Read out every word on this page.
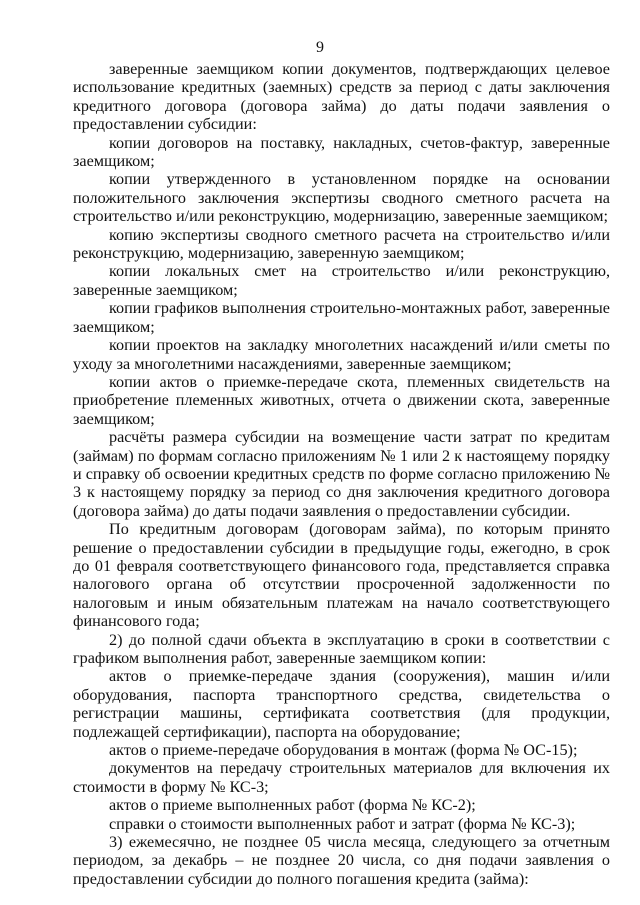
9

заверенные заемщиком копии документов, подтверждающих целевое использование кредитных (заемных) средств за период с даты заключения кредитного договора (договора займа) до даты подачи заявления о предоставлении субсидии:

копии договоров на поставку, накладных, счетов-фактур, заверенные заемщиком;

копии утвержденного в установленном порядке на основании положительного заключения экспертизы сводного сметного расчета на строительство и/или реконструкцию, модернизацию, заверенные заемщиком;

копию экспертизы сводного сметного расчета на строительство и/или реконструкцию, модернизацию, заверенную заемщиком;

копии локальных смет на строительство и/или реконструкцию, заверенные заемщиком;

копии графиков выполнения строительно-монтажных работ, заверенные заемщиком;

копии проектов на закладку многолетних насаждений и/или сметы по уходу за многолетними насаждениями, заверенные заемщиком;

копии актов о приемке-передаче скота, племенных свидетельств на приобретение племенных животных, отчета о движении скота, заверенные заемщиком;

расчёты размера субсидии на возмещение части затрат по кредитам (займам) по формам согласно приложениям № 1 или 2 к настоящему порядку и справку об освоении кредитных средств по форме согласно приложению № 3 к настоящему порядку за период со дня заключения кредитного договора (договора займа) до даты подачи заявления о предоставлении субсидии.

По кредитным договорам (договорам займа), по которым принято решение о предоставлении субсидии в предыдущие годы, ежегодно, в срок до 01 февраля соответствующего финансового года, представляется справка налогового органа об отсутствии просроченной задолженности по налоговым и иным обязательным платежам на начало соответствующего финансового года;

2) до полной сдачи объекта в эксплуатацию в сроки в соответствии с графиком выполнения работ, заверенные заемщиком копии:

актов о приемке-передаче здания (сооружения), машин и/или оборудования, паспорта транспортного средства, свидетельства о регистрации машины, сертификата соответствия (для продукции, подлежащей сертификации), паспорта на оборудование;

актов о приеме-передаче оборудования в монтаж (форма № ОС-15);

документов на передачу строительных материалов для включения их стоимости в форму № КС-3;

актов о приеме выполненных работ (форма № КС-2);

справки о стоимости выполненных работ и затрат (форма № КС-3);

3) ежемесячно, не позднее 05 числа месяца, следующего за отчетным периодом, за декабрь – не позднее 20 числа, со дня подачи заявления о предоставлении субсидии до полного погашения кредита (займа):
